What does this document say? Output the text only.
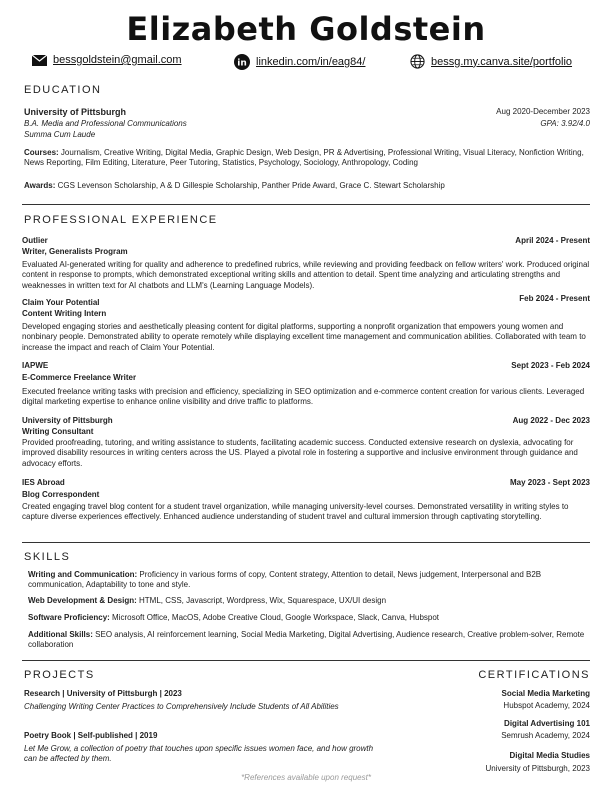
Elizabeth Goldstein
bessgoldstein@gmail.com	in linkedin.com/in/eag84/	bessg.my.canva.site/portfolio
EDUCATION
University of Pittsburgh	Aug 2020-December 2023
B.A. Media and Professional Communications	GPA: 3.92/4.0
Summa Cum Laude
Courses: Journalism, Creative Writing, Digital Media, Graphic Design, Web Design, PR & Advertising, Professional Writing, Visual Literacy, Nonfiction Writing, News Reporting, Film Editing, Literature, Peer Tutoring, Statistics, Psychology, Sociology, Anthropology, Coding
Awards: CGS Levenson Scholarship, A & D Gillespie Scholarship, Panther Pride Award, Grace C. Stewart Scholarship
PROFESSIONAL EXPERIENCE
Outlier	April 2024 - Present
Writer, Generalists Program
Evaluated AI-generated writing for quality and adherence to predefined rubrics, while reviewing and providing feedback on fellow writers' work. Produced original content in response to prompts, which demonstrated exceptional writing skills and attention to detail. Spent time analyzing and articulating strengths and weaknesses in written text for AI chatbots and LLM's (Learning Language Models).
Claim Your Potential	Feb 2024 - Present
Content Writing Intern
Developed engaging stories and aesthetically pleasing content for digital platforms, supporting a nonprofit organization that empowers young women and nonbinary people. Demonstrated ability to operate remotely while displaying excellent time management and communication abilities. Collaborated with team to increase the impact and reach of Claim Your Potential.
IAPWE	Sept 2023 - Feb 2024
E-Commerce Freelance Writer
Executed freelance writing tasks with precision and efficiency, specializing in SEO optimization and e-commerce content creation for various clients. Leveraged digital marketing expertise to enhance online visibility and drive traffic to platforms.
University of Pittsburgh	Aug 2022 - Dec 2023
Writing Consultant
Provided proofreading, tutoring, and writing assistance to students, facilitating academic success. Conducted extensive research on dyslexia, advocating for improved disability resources in writing centers across the US. Played a pivotal role in fostering a supportive and inclusive environment through guidance and advocacy efforts.
IES Abroad	May 2023 - Sept 2023
Blog Correspondent
Created engaging travel blog content for a student travel organization, while managing university-level courses. Demonstrated versatility in writing styles to capture diverse experiences effectively. Enhanced audience understanding of student travel and cultural immersion through captivating storytelling.
SKILLS
Writing and Communication: Proficiency in various forms of copy, Content strategy, Attention to detail, News judgement, Interpersonal and B2B communication, Adaptability to tone and style.
Web Development & Design: HTML, CSS, Javascript, Wordpress, Wix, Squarespace, UX/UI design
Software Proficiency: Microsoft Office, MacOS, Adobe Creative Cloud, Google Workspace, Slack, Canva, Hubspot
Additional Skills: SEO analysis, AI reinforcement learning, Social Media Marketing, Digital Advertising, Audience research, Creative problem-solver, Remote collaboration
PROJECTS
Research | University of Pittsburgh | 2023
Challenging Writing Center Practices to Comprehensively Include Students of All Abilities
Poetry Book | Self-published | 2019
Let Me Grow, a collection of poetry that touches upon specific issues women face, and how growth can be affected by them.
CERTIFICATIONS
Social Media Marketing
Hubspot Academy, 2024
Digital Advertising 101
Semrush Academy, 2024
Digital Media Studies
University of Pittsburgh, 2023
*References available upon request*
